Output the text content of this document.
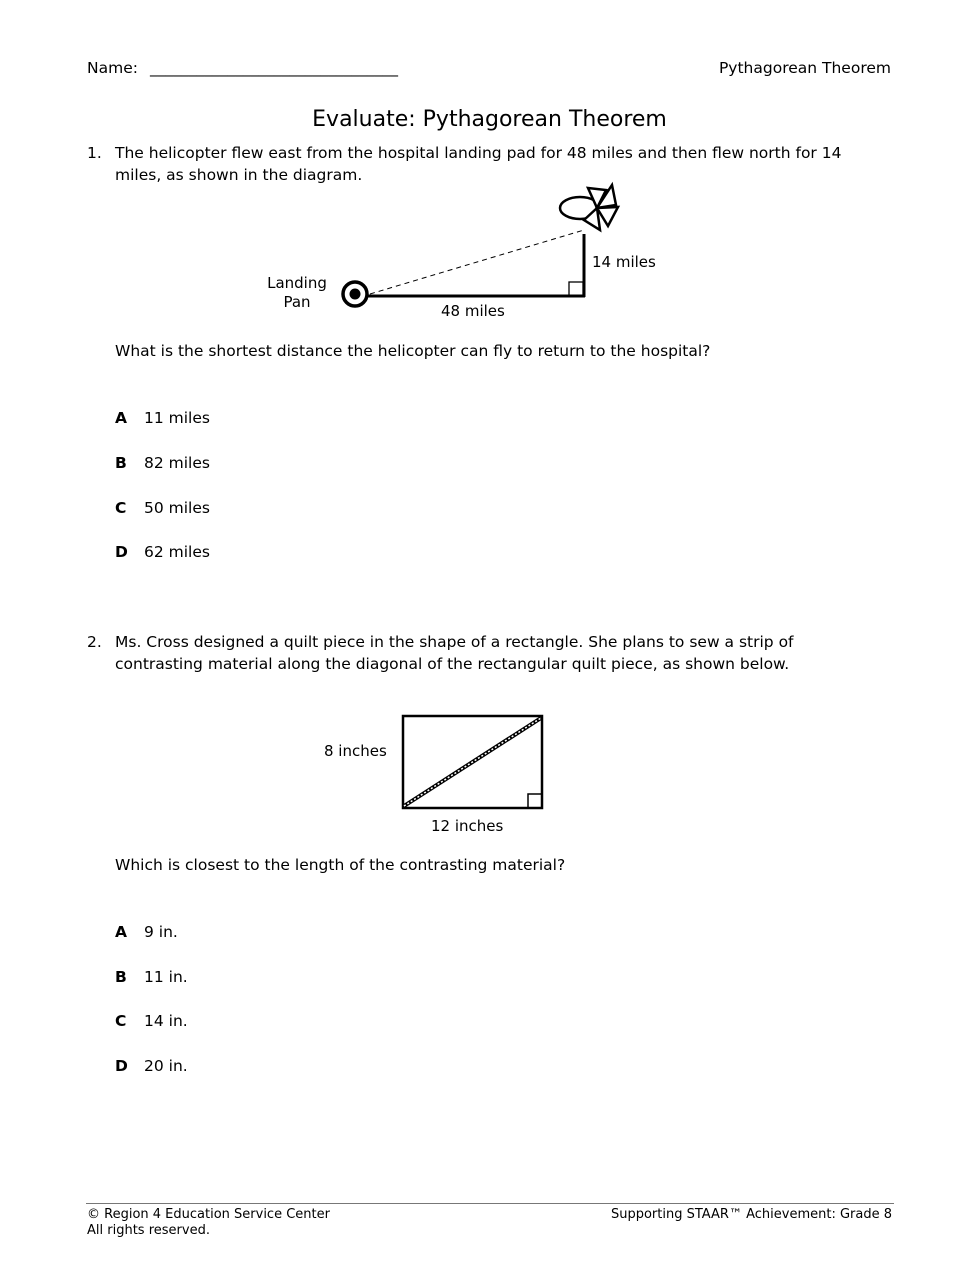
Name: ________________________________	Pythagorean Theorem
Evaluate: Pythagorean Theorem
1. The helicopter flew east from the hospital landing pad for 48 miles and then flew north for 14 miles, as shown in the diagram.
Landing
Pan	48 miles
14 miles
What is the shortest distance the helicopter can fly to return to the hospital?
A 11 miles
B 82 miles
C 50 miles
D 62 miles
2. Ms. Cross designed a quilt piece in the shape of a rectangle. She plans to sew a strip of contrasting material along the diagonal of the rectangular quilt piece, as shown below.
8 inches
12 inches
Which is closest to the length of the contrasting material?
A 9 in.
B 11 in.
C 14 in.
D 20 in.
© Region 4 Education Service Center
All rights reserved.
Supporting STAAR™ Achievement: Grade 8
